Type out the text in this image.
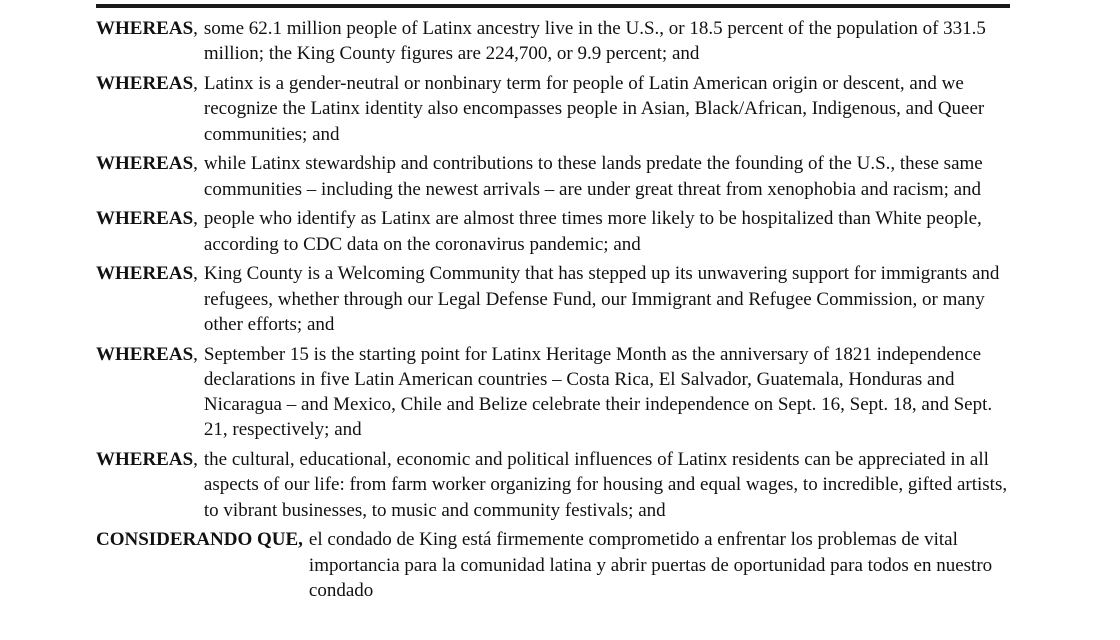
WHEREAS, some 62.1 million people of Latinx ancestry live in the U.S., or 18.5 percent of the population of 331.5 million; the King County figures are 224,700, or 9.9 percent; and
WHEREAS, Latinx is a gender-neutral or nonbinary term for people of Latin American origin or descent, and we recognize the Latinx identity also encompasses people in Asian, Black/African, Indigenous, and Queer communities; and
WHEREAS, while Latinx stewardship and contributions to these lands predate the founding of the U.S., these same communities – including the newest arrivals – are under great threat from xenophobia and racism; and
WHEREAS, people who identify as Latinx are almost three times more likely to be hospitalized than White people, according to CDC data on the coronavirus pandemic; and
WHEREAS, King County is a Welcoming Community that has stepped up its unwavering support for immigrants and refugees, whether through our Legal Defense Fund, our Immigrant and Refugee Commission, or many other efforts; and
WHEREAS, September 15 is the starting point for Latinx Heritage Month as the anniversary of 1821 independence declarations in five Latin American countries – Costa Rica, El Salvador, Guatemala, Honduras and Nicaragua – and Mexico, Chile and Belize celebrate their independence on Sept. 16, Sept. 18, and Sept. 21, respectively; and
WHEREAS, the cultural, educational, economic and political influences of Latinx residents can be appreciated in all aspects of our life: from farm worker organizing for housing and equal wages, to incredible, gifted artists, to vibrant businesses, to music and community festivals; and
CONSIDERANDO QUE, el condado de King está firmemente comprometido a enfrentar los problemas de vital importancia para la comunidad latina y abrir puertas de oportunidad para todos en nuestro condado
